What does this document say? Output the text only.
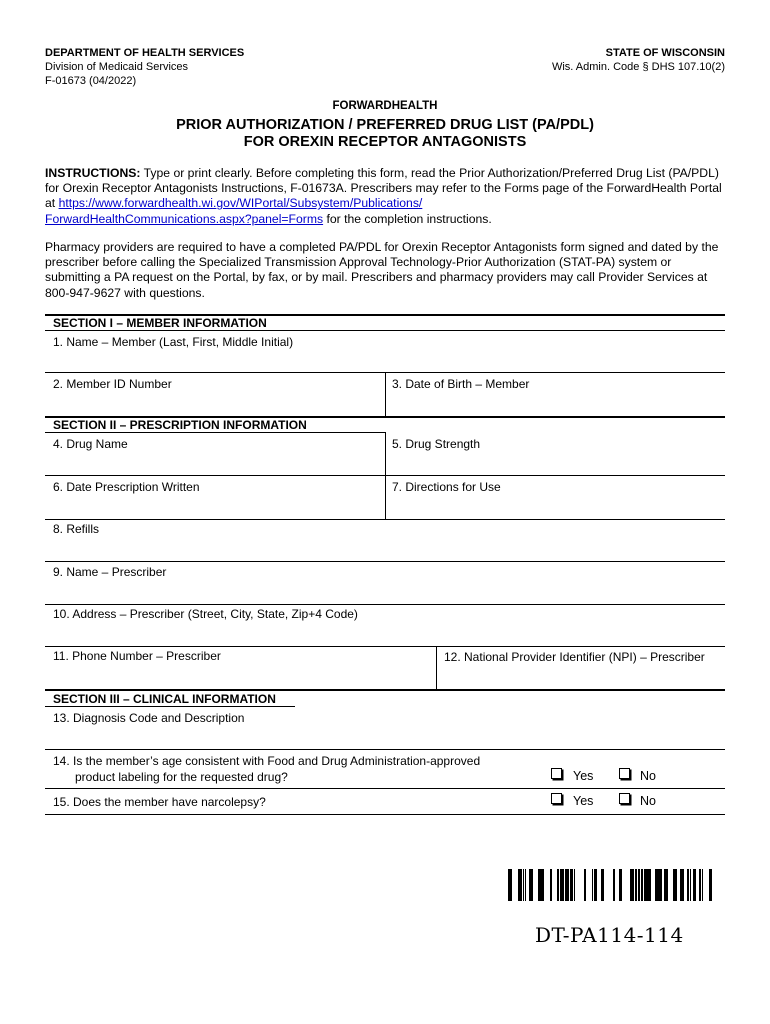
DEPARTMENT OF HEALTH SERVICES
Division of Medicaid Services
F-01673 (04/2022)
STATE OF WISCONSIN
Wis. Admin. Code § DHS 107.10(2)
FORWARDHEALTH
PRIOR AUTHORIZATION / PREFERRED DRUG LIST (PA/PDL)
FOR OREXIN RECEPTOR ANTAGONISTS
INSTRUCTIONS: Type or print clearly. Before completing this form, read the Prior Authorization/Preferred Drug List (PA/PDL) for Orexin Receptor Antagonists Instructions, F-01673A. Prescribers may refer to the Forms page of the ForwardHealth Portal at https://www.forwardhealth.wi.gov/WIPortal/Subsystem/Publications/
ForwardHealthCommunications.aspx?panel=Forms for the completion instructions.
Pharmacy providers are required to have a completed PA/PDL for Orexin Receptor Antagonists form signed and dated by the prescriber before calling the Specialized Transmission Approval Technology-Prior Authorization (STAT-PA) system or submitting a PA request on the Portal, by fax, or by mail. Prescribers and pharmacy providers may call Provider Services at 800-947-9627 with questions.
SECTION I – MEMBER INFORMATION
1. Name – Member (Last, First, Middle Initial)
2. Member ID Number	3. Date of Birth – Member
SECTION II – PRESCRIPTION INFORMATION
4. Drug Name	5. Drug Strength
6. Date Prescription Written	7. Directions for Use
8. Refills
9. Name – Prescriber
10. Address – Prescriber (Street, City, State, Zip+4 Code)
11. Phone Number – Prescriber	12. National Provider Identifier (NPI) – Prescriber
SECTION III – CLINICAL INFORMATION
13. Diagnosis Code and Description
14. Is the member’s age consistent with Food and Drug Administration-approved
product labeling for the requested drug?	Yes	No
15. Does the member have narcolepsy?	Yes	No
DT-PA114-114
